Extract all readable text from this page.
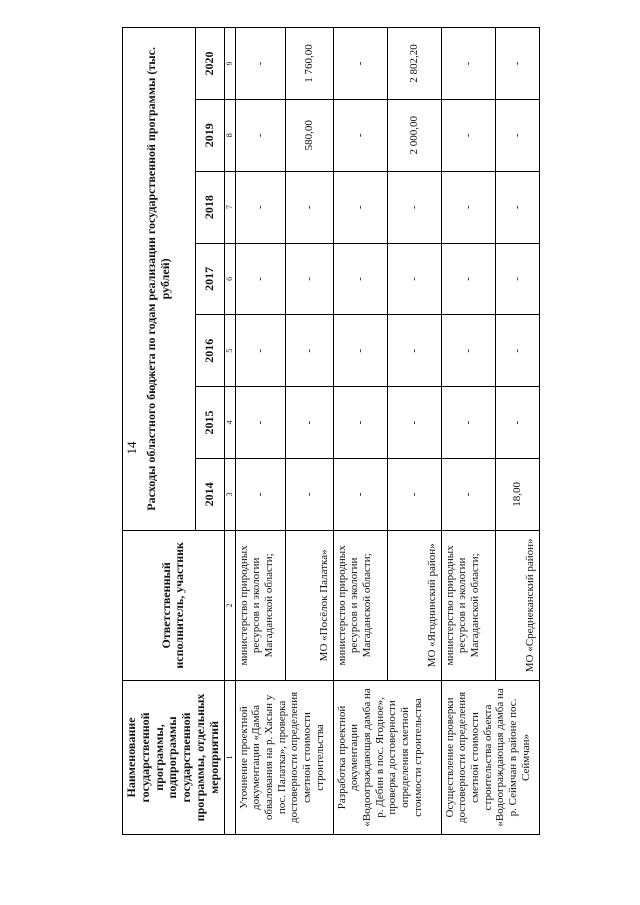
14
Наименование государственной программы, подпрограммы государственной программы, отдельных мероприятий	Ответственный исполнитель, участник	Расходы областного бюджета по годам реализации государственной программы (тыс. рублей)						
		2014	2015	2016	2017	2018	2019	2020
1	2	3	4	5	6	7	8	9
Уточнение проектной документации «Дамба обвалования на р. Хасын у пос. Палатка», проверка достоверности определения сметной стоимости строительства	министерство природных ресурсов и экологии Магаданской области;	-	-	-	-	-	-	-
	МО «Посёлок Палатка»	-	-	-	-	-	580,00	1 760,00
Разработка проектной документации «Водоограждающая дамба на р. Дебин в пос. Ягодное», проверка достоверности определения сметной стоимости строительства	министерство природных ресурсов и экологии Магаданской области;	-	-	-	-	-	-	-
	МО «Ягоднинский район»	-	-	-	-	-	2 000,00	2 802,20
Осуществление проверки достоверности определения сметной стоимости строительства объекта «Водоограждающая дамба на р. Сеймчан в районе пос. Сеймчан»	министерство природных ресурсов и экологии Магаданской области;	-	-	-	-	-	-	-
	МО «Среднеканский район»	18,00	-	-	-	-	-	-
